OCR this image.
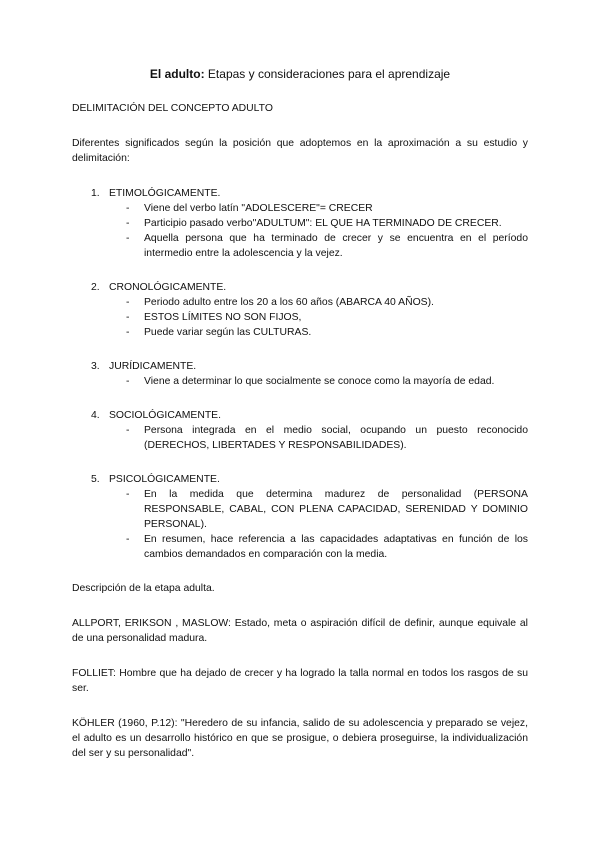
El adulto: Etapas y consideraciones para el aprendizaje
DELIMITACIÓN DEL CONCEPTO ADULTO
Diferentes significados según la posición que adoptemos en la aproximación a su estudio y delimitación:
1. ETIMOLÓGICAMENTE.
- Viene del verbo latín "ADOLESCERE"= CRECER
- Participio pasado verbo"ADULTUM": EL QUE HA TERMINADO DE CRECER.
- Aquella persona que ha terminado de crecer y se encuentra en el período intermedio entre la adolescencia y la vejez.
2. CRONOLÓGICAMENTE.
- Periodo adulto entre los 20 a los 60 años (ABARCA 40 AÑOS).
- ESTOS LÍMITES NO SON FIJOS,
- Puede variar según las CULTURAS.
3. JURÍDICAMENTE.
- Viene a determinar lo que socialmente se conoce como la mayoría de edad.
4. SOCIOLÓGICAMENTE.
- Persona integrada en el medio social, ocupando un puesto reconocido (DERECHOS, LIBERTADES Y RESPONSABILIDADES).
5. PSICOLÓGICAMENTE.
- En la medida que determina madurez de personalidad (PERSONA RESPONSABLE, CABAL, CON PLENA CAPACIDAD, SERENIDAD Y DOMINIO PERSONAL).
- En resumen, hace referencia a las capacidades adaptativas en función de los cambios demandados en comparación con la media.
Descripción de la etapa adulta.
ALLPORT, ERIKSON , MASLOW: Estado, meta o aspiración difícil de definir, aunque equivale al de una personalidad madura.
FOLLIET: Hombre que ha dejado de crecer y ha logrado la talla normal en todos los rasgos de su ser.
KÖHLER (1960, P.12): "Heredero de su infancia, salido de su adolescencia y preparado se vejez, el adulto es un desarrollo histórico en que se prosigue, o debiera proseguirse, la individualización del ser y su personalidad".
